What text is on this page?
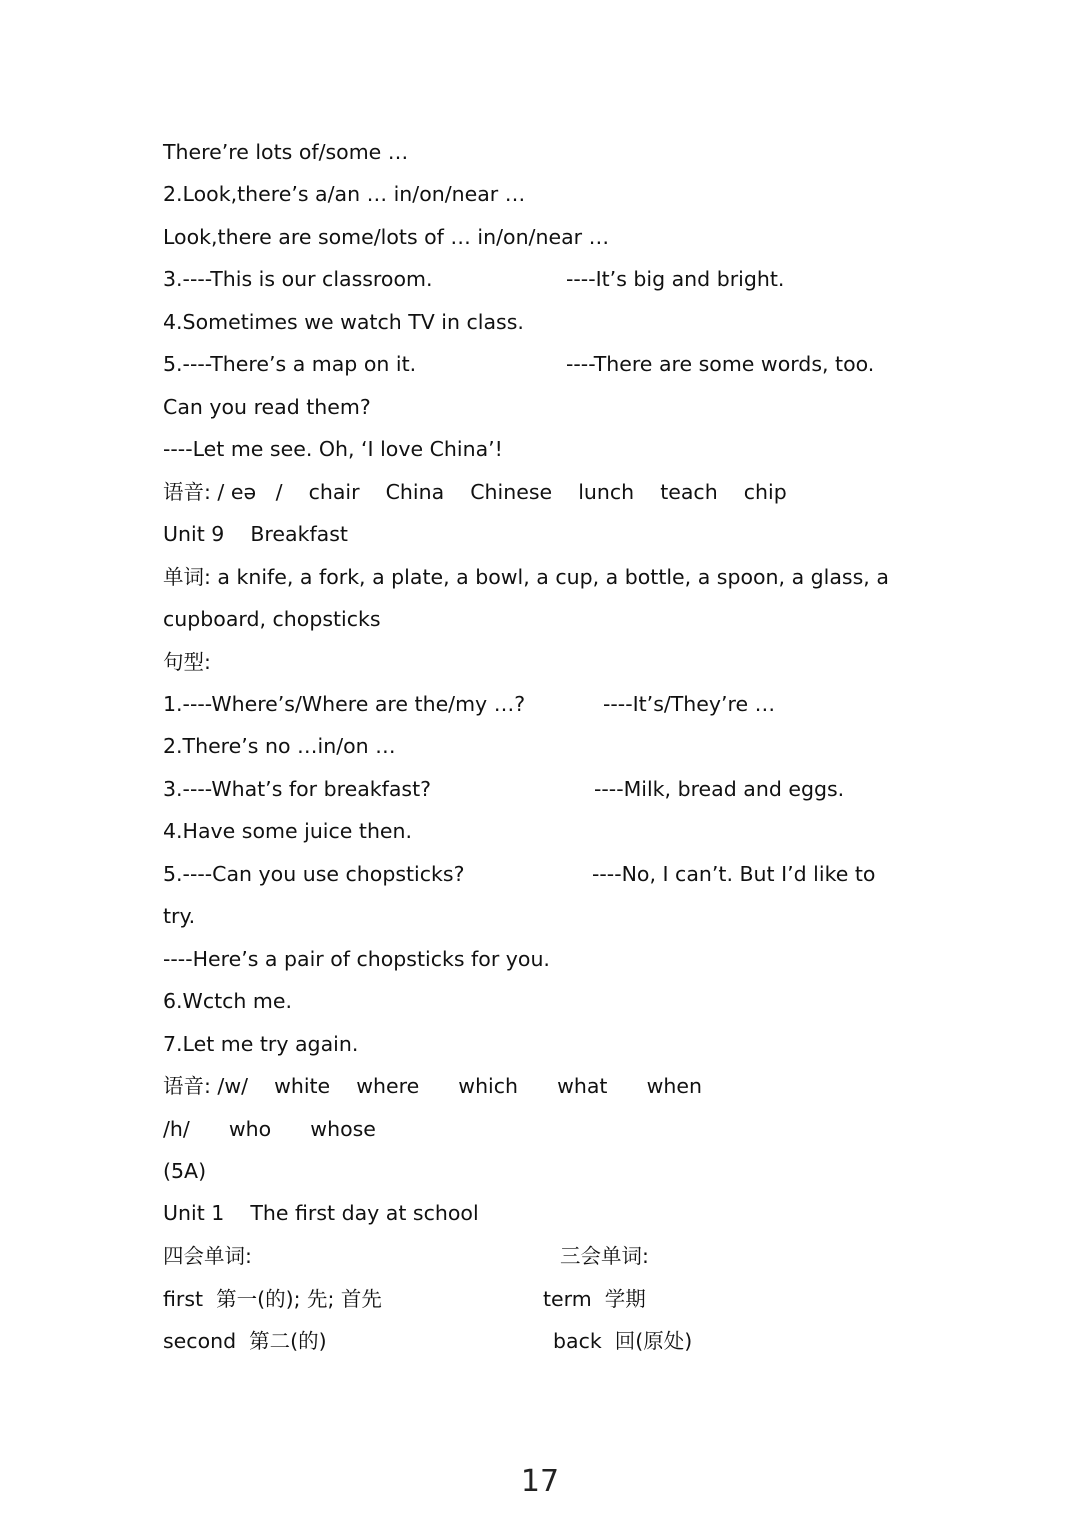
There’re lots of/some …
2.Look,there’s a/an … in/on/near …
Look,there are some/lots of … in/on/near …
3.----This is our classroom.	----It’s big and bright.
4.Sometimes we watch TV in class.
5.----There’s a map on it.	----There are some words, too.
Can you read them?
----Let me see. Oh, ‘I love China’!
语音: / eə   /    chair    China    Chinese    lunch    teach    chip
Unit 9    Breakfast
单词: a knife, a fork, a plate, a bowl, a cup, a bottle, a spoon, a glass, a
cupboard, chopsticks
句型:
1.----Where’s/Where are the/my …?	----It’s/They’re …
2.There’s no …in/on …
3.----What’s for breakfast?	----Milk, bread and eggs.
4.Have some juice then.
5.----Can you use chopsticks?	----No, I can’t. But I’d like to
try.
----Here’s a pair of chopsticks for you.
6.Wctch me.
7.Let me try again.
语音: /w/    white    where      which      what      when
/h/      who      whose
(5A)
Unit 1    The first day at school
四会单词:	三会单词:
first  第一(的); 先; 首先	term  学期
second  第二(的)	back  回(原处)
17
